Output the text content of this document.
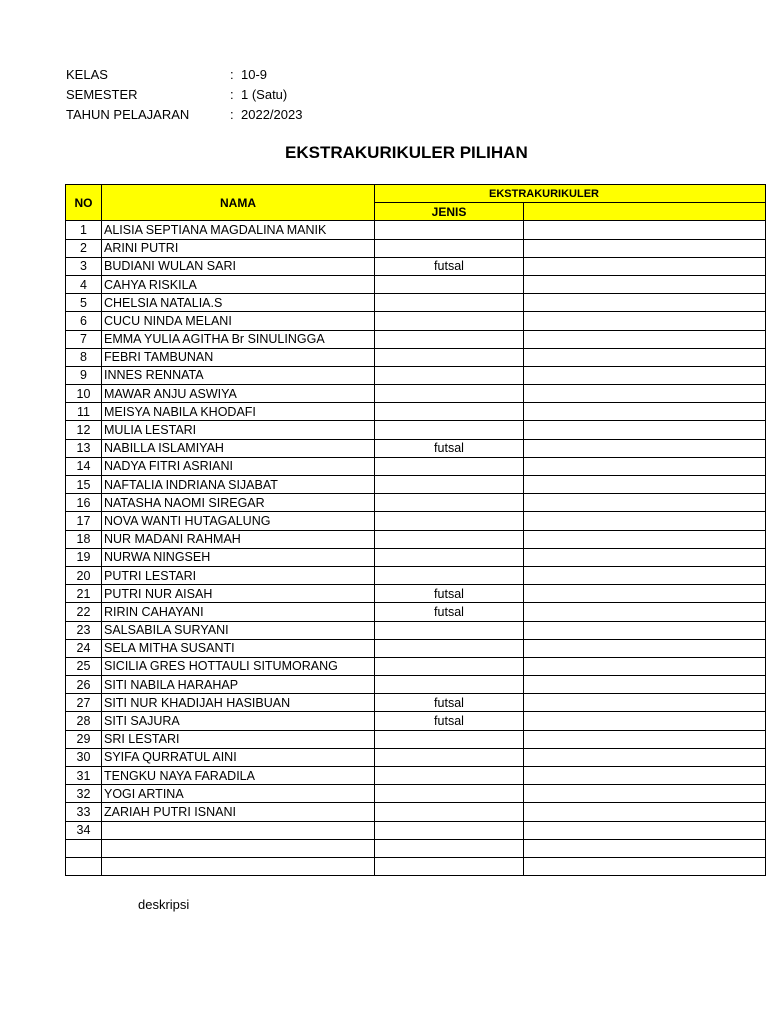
KELAS	: 10-9
SEMESTER	: 1 (Satu)
TAHUN PELAJARAN	: 2022/2023
EKSTRAKURIKULER PILIHAN
NO	NAMA	EKSTRAKURIKULER	
		JENIS	
1	ALISIA SEPTIANA MAGDALINA MANIK		
2	ARINI PUTRI		
3	BUDIANI WULAN SARI	futsal	
4	CAHYA RISKILA		
5	CHELSIA NATALIA.S		
6	CUCU NINDA MELANI		
7	EMMA YULIA AGITHA Br SINULINGGA		
8	FEBRI TAMBUNAN		
9	INNES RENNATA		
10	MAWAR ANJU ASWIYA		
11	MEISYA NABILA KHODAFI		
12	MULIA LESTARI		
13	NABILLA ISLAMIYAH	futsal	
14	NADYA FITRI ASRIANI		
15	NAFTALIA INDRIANA SIJABAT		
16	NATASHA NAOMI SIREGAR		
17	NOVA WANTI HUTAGALUNG		
18	NUR MADANI RAHMAH		
19	NURWA NINGSEH		
20	PUTRI LESTARI		
21	PUTRI NUR AISAH	futsal	
22	RIRIN CAHAYANI	futsal	
23	SALSABILA SURYANI		
24	SELA MITHA SUSANTI		
25	SICILIA GRES HOTTAULI SITUMORANG		
26	SITI NABILA HARAHAP		
27	SITI NUR KHADIJAH HASIBUAN	futsal	
28	SITI SAJURA	futsal	
29	SRI LESTARI		
30	SYIFA QURRATUL AINI		
31	TENGKU NAYA FARADILA		
32	YOGI ARTINA		
33	ZARIAH PUTRI ISNANI		
34			

deskripsi
